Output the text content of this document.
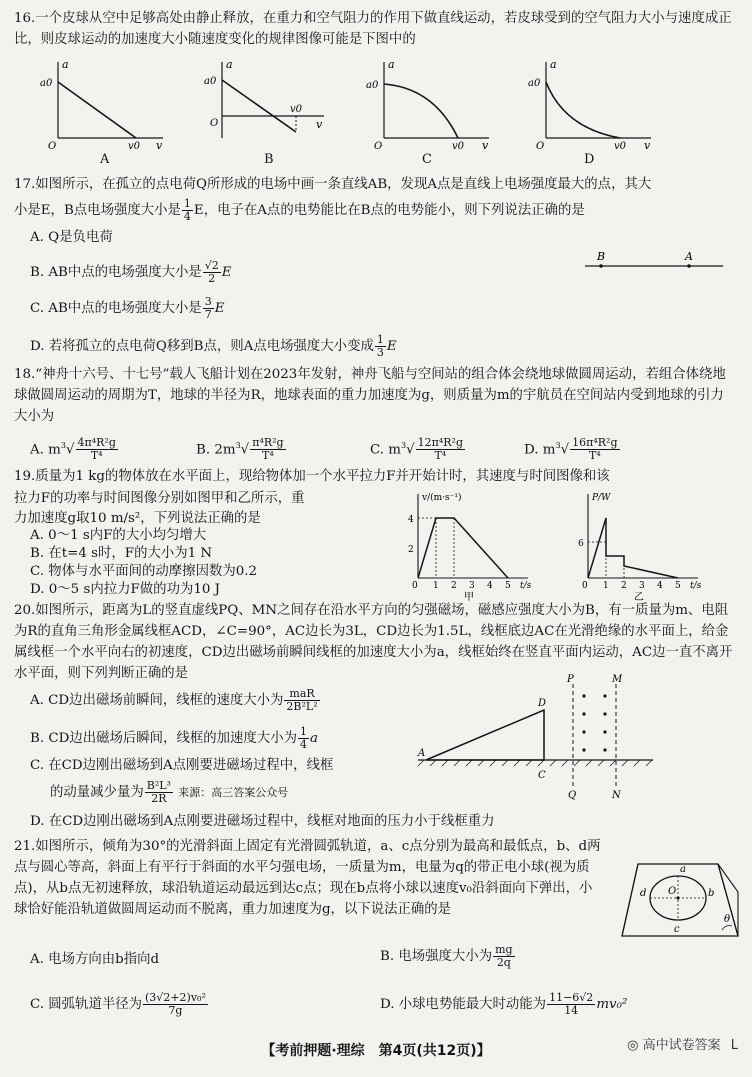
16.一个皮球从空中足够高处由静止释放，在重力和空气阻力的作用下做直线运动，若皮球受到的空气阻力大小与速度成正比，则皮球运动的加速度大小随速度变化的规律图像可能是下图中的
a
a0
O	v0 v
A
a
a0
O
v0
v
B
a
a0
O	v0 v
C
a
a0
O	v0 v
D
17.如图所示，在孤立的点电荷Q所形成的电场中画一条直线AB，发现A点是直线上电场强度最大的点，其大
小是E，B点电场强度大小是 $\frac{1}{4}$ E，电子在A点的电势能比在B点的电势能小，则下列说法正确的是
A. Q是负电荷
B. AB中点的电场强度大小是 $\frac{√2}{2}$ E
C. AB中点的电场强度大小是 $\frac{3}{7}$ E
D. 若将孤立的点电荷Q移到B点，则A点电场强度大小变成 $\frac{1}{3}$ E
B	A
18.“神舟十六号、十七号”载人飞船计划在2023年发射，神舟飞船与空间站的组合体会绕地球做圆周运动，若组合体绕地球做圆周运动的周期为T，地球的半径为R，地球表面的重力加速度为g，则质量为m的宇航员在空间站内受到地球的引力大小为
A. $m^3√ \frac{\text{4π⁴R²g}}{\text{T⁴}}$	B. $2m^3√ \frac{\text{π⁴R²g}}{\text{T⁴}}$	C. $m^3√ \frac{\text{12π⁴R²g}}{\text{T⁴}}$	D. $m^3√ \frac{\text{16π⁴R²g}}{\text{T⁴}}$
19.质量为1 kg的物体放在水平面上，现给物体加一个水平拉力F并开始计时，其速度与时间图像和该
拉力F的功率与时间图像分别如图甲和乙所示，重
力加速度g取10 m/s²，下列说法正确的是
A. 0～1 s内F的大小均匀增大
B. 在t=4 s时，F的大小为1 N
C. 物体与水平面间的动摩擦因数为0.2
D. 0～5 s内拉力F做的功为10 J
v/(m·s⁻¹)
4
2
0 1 2 3 4 5 t/s
甲
P/W
6
0 1 2 3 4 5 t/s
乙
20.如图所示，距离为L的竖直虚线PQ、MN之间存在沿水平方向的匀强磁场，磁感应强度大小为B，有一质量为m、电阻为R的直角三角形金属线框ACD，∠C=90°，AC边长为3L，CD边长为1.5L，线框底边AC在光滑绝缘的水平面上，给金属线框一个水平向右的初速度，CD边出磁场前瞬间线框的加速度大小为a，线框始终在竖直平面内运动，AC边一直不离开水平面，则下列判断正确的是
A. CD边出磁场前瞬间，线框的速度大小为 $\frac{\text{maR}}{\text{2B²L²}}$
B. CD边出磁场后瞬间，线框的加速度大小为 $\frac{1}{4}$ a
C. 在CD边刚出磁场到A点刚要进磁场过程中，线框
的动量减少量为 $\frac{\text{B²L³}}{2R}$ 来源：高三答案公众号
D. 在CD边刚出磁场到A点刚要进磁场过程中，线框对地面的压力小于线框重力
A
C
D
P	M
Q	N
21.如图所示，倾角为30°的光滑斜面上固定有光滑圆弧轨道，a、c点分别为最高和最低点，b、d两点与圆心等高，斜面上有平行于斜面的水平匀强电场，一质量为m，电量为q的带正电小球(视为质点)，从b点无初速释放，球沿轨道运动最远到达c点；现在b点将小球以速度v₀沿斜面向下弹出，小球恰好能沿轨道做圆周运动而不脱离，重力加速度为g，以下说法正确的是
A. 电场方向由b指向d	B. 电场强度大小为 $\frac{mg}{2q}$
C. 圆弧轨道半径为 $\frac{\text{(3√2+2)v₀²}}{7g}$	D. 小球电势能最大时动能为 $\frac{11-6√2}{14} mv_0^2$
a
b
c
d O
θ
【考前押题·理综　第4页(共12页)】	◎ 高中试卷答案 L
